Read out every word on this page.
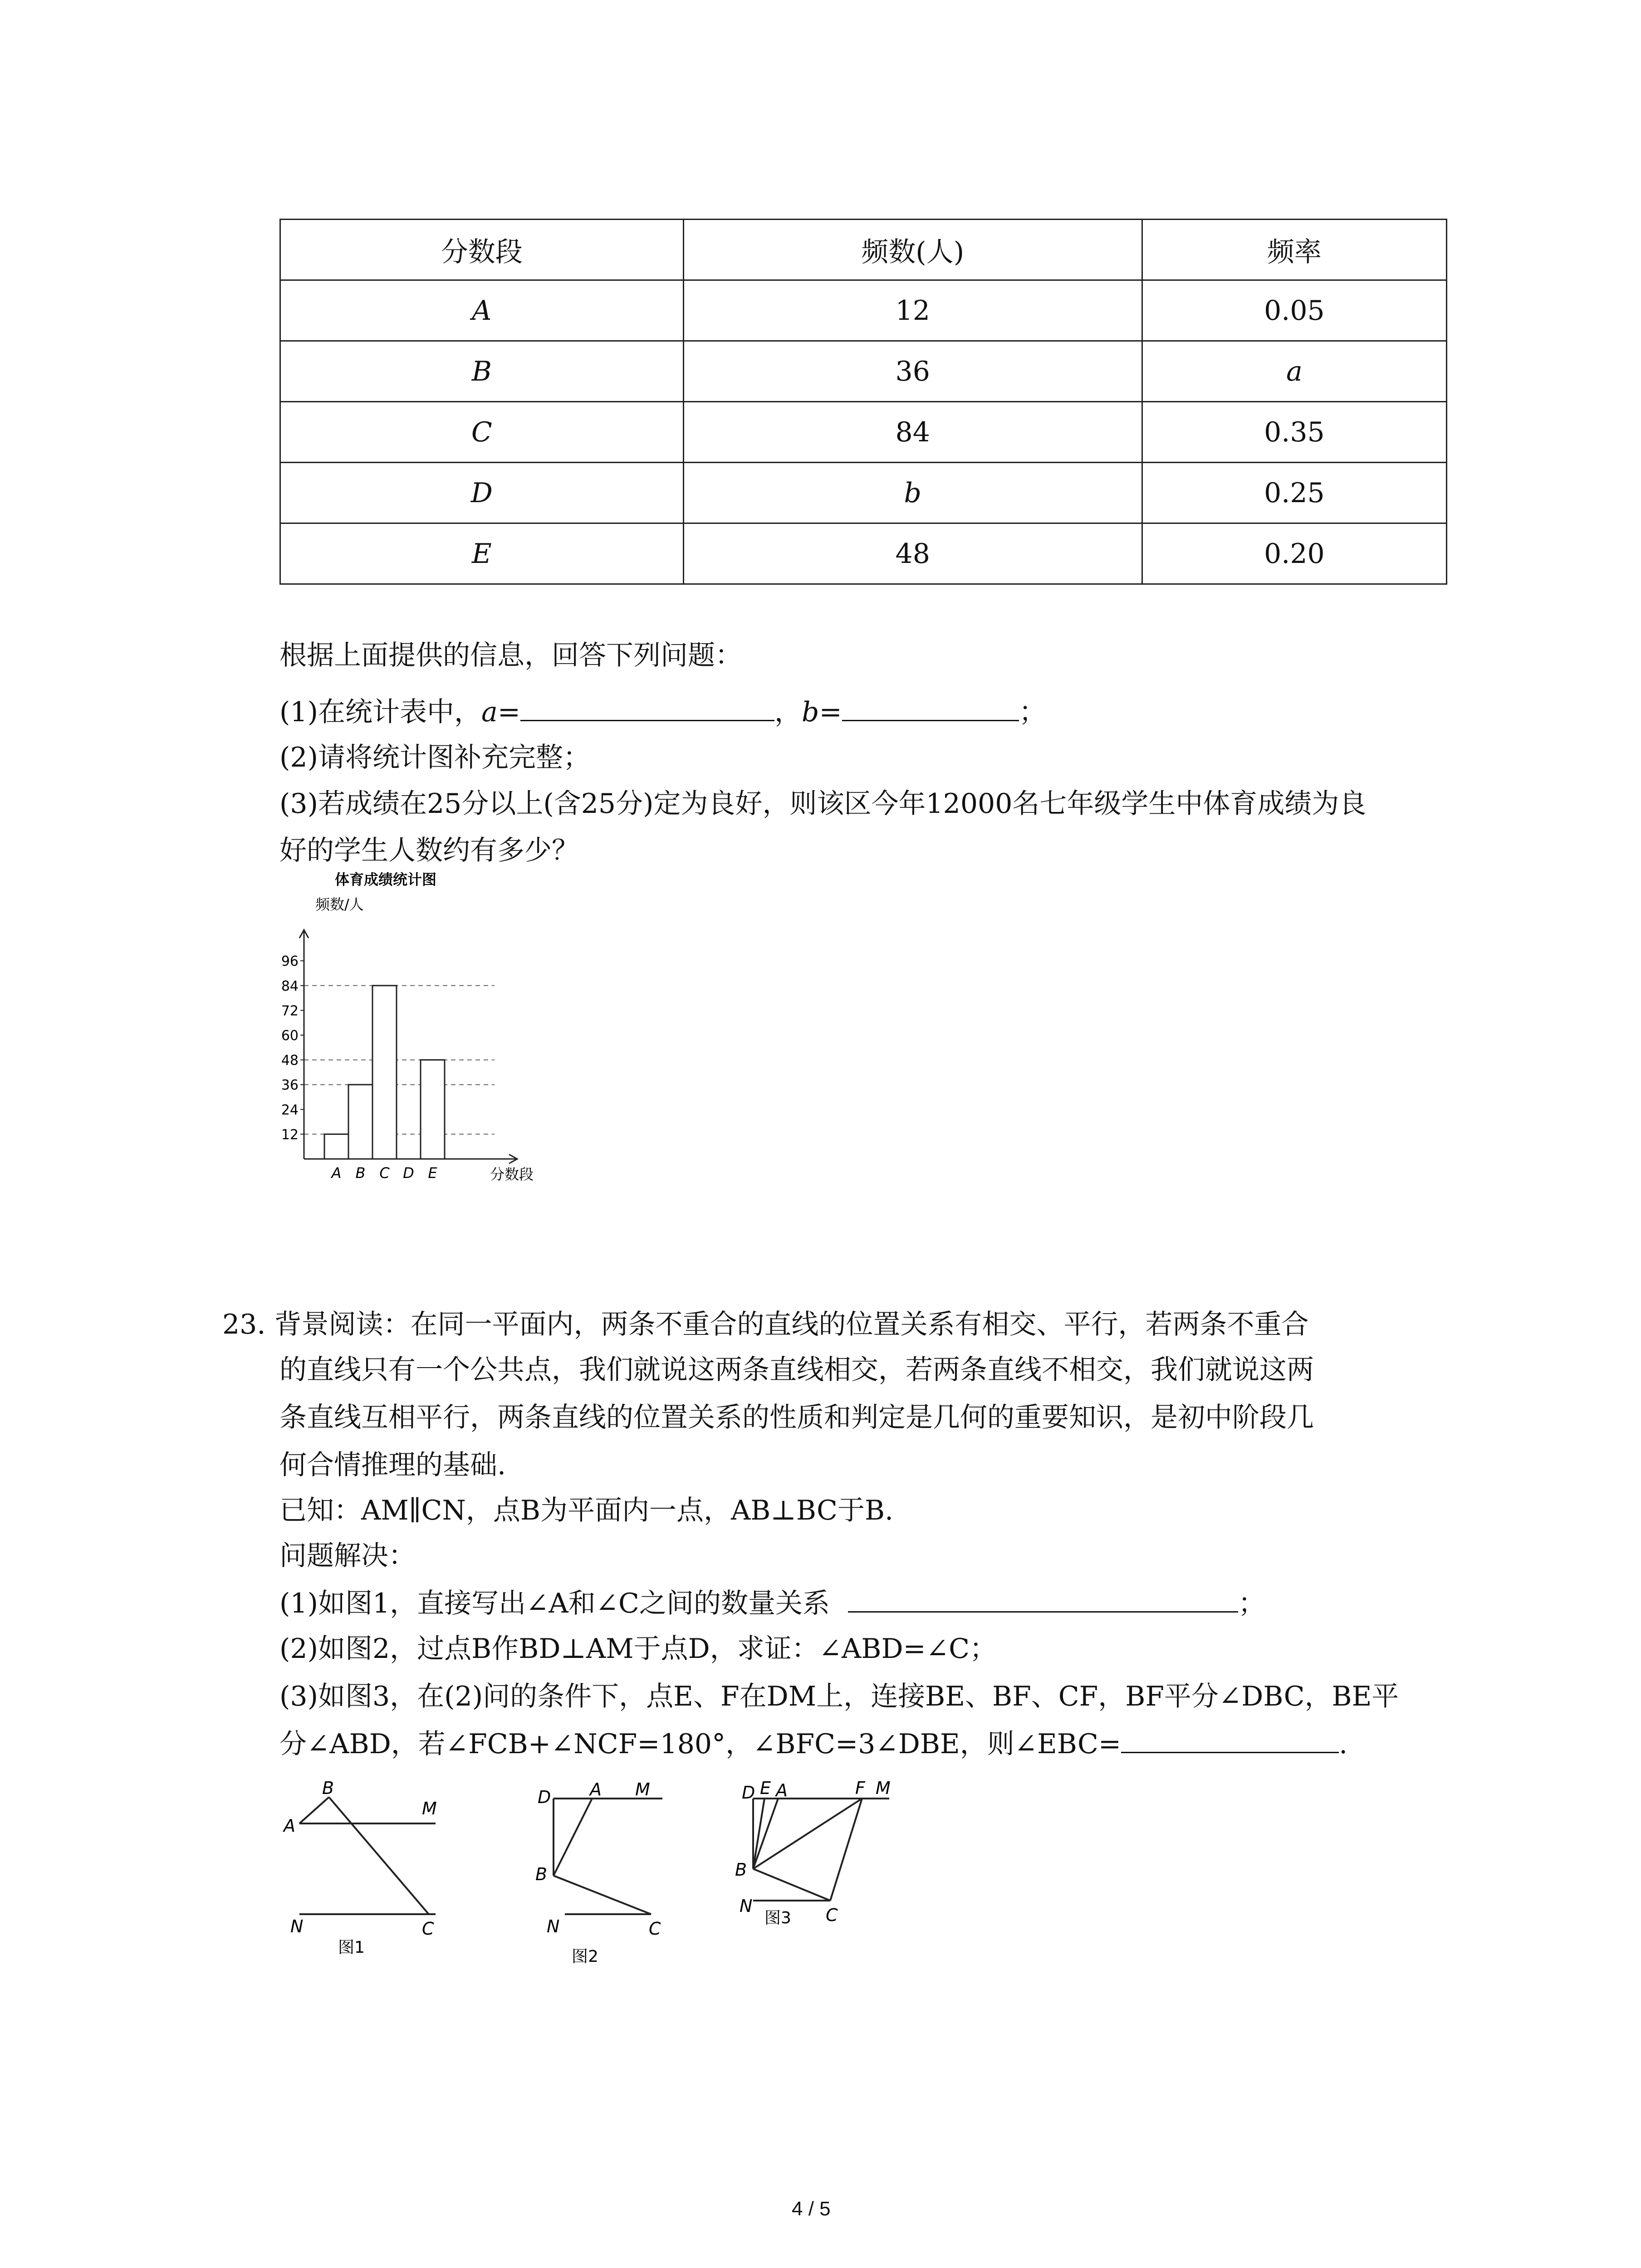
分数段	频数(人)	频率
A	12	0.05
B	36	a
C	84	0.35
D	b	0.25
E	48	0.20
根据上面提供的信息，回答下列问题：
(1)在统计表中，a=	，b=	；
(2)请将统计图补充完整；
(3)若成绩在25分以上(含25分)定为良好，则该区今年12000名七年级学生中体育成绩为良
好的学生人数约有多少？
12
24
36
48
60
72
84
96
A B C D E
体育成绩统计图
频数/人
分数段
23. 背景阅读：在同一平面内，两条不重合的直线的位置关系有相交、平行，若两条不重合
的直线只有一个公共点，我们就说这两条直线相交，若两条直线不相交，我们就说这两
条直线互相平行，两条直线的位置关系的性质和判定是几何的重要知识，是初中阶段几
何合情推理的基础.
已知：AM∥CN，点B为平面内一点，AB⊥BC于B.
问题解决：
(1)如图1，直接写出∠A和∠C之间的数量关系	；
(2)如图2，过点B作BD⊥AM于点D，求证：∠ABD=∠C；
(3)如图3，在(2)问的条件下，点E、F在DM上，连接BE、BF、CF，BF平分∠DBC，BE平
分∠ABD，若∠FCB+∠NCF=180°，∠BFC=3∠DBE，则∠EBC=	.
B
A
M
N	C
图1
D A M
B
N	C
图2
D E A	F M
B
N	C
图3
4 / 5
